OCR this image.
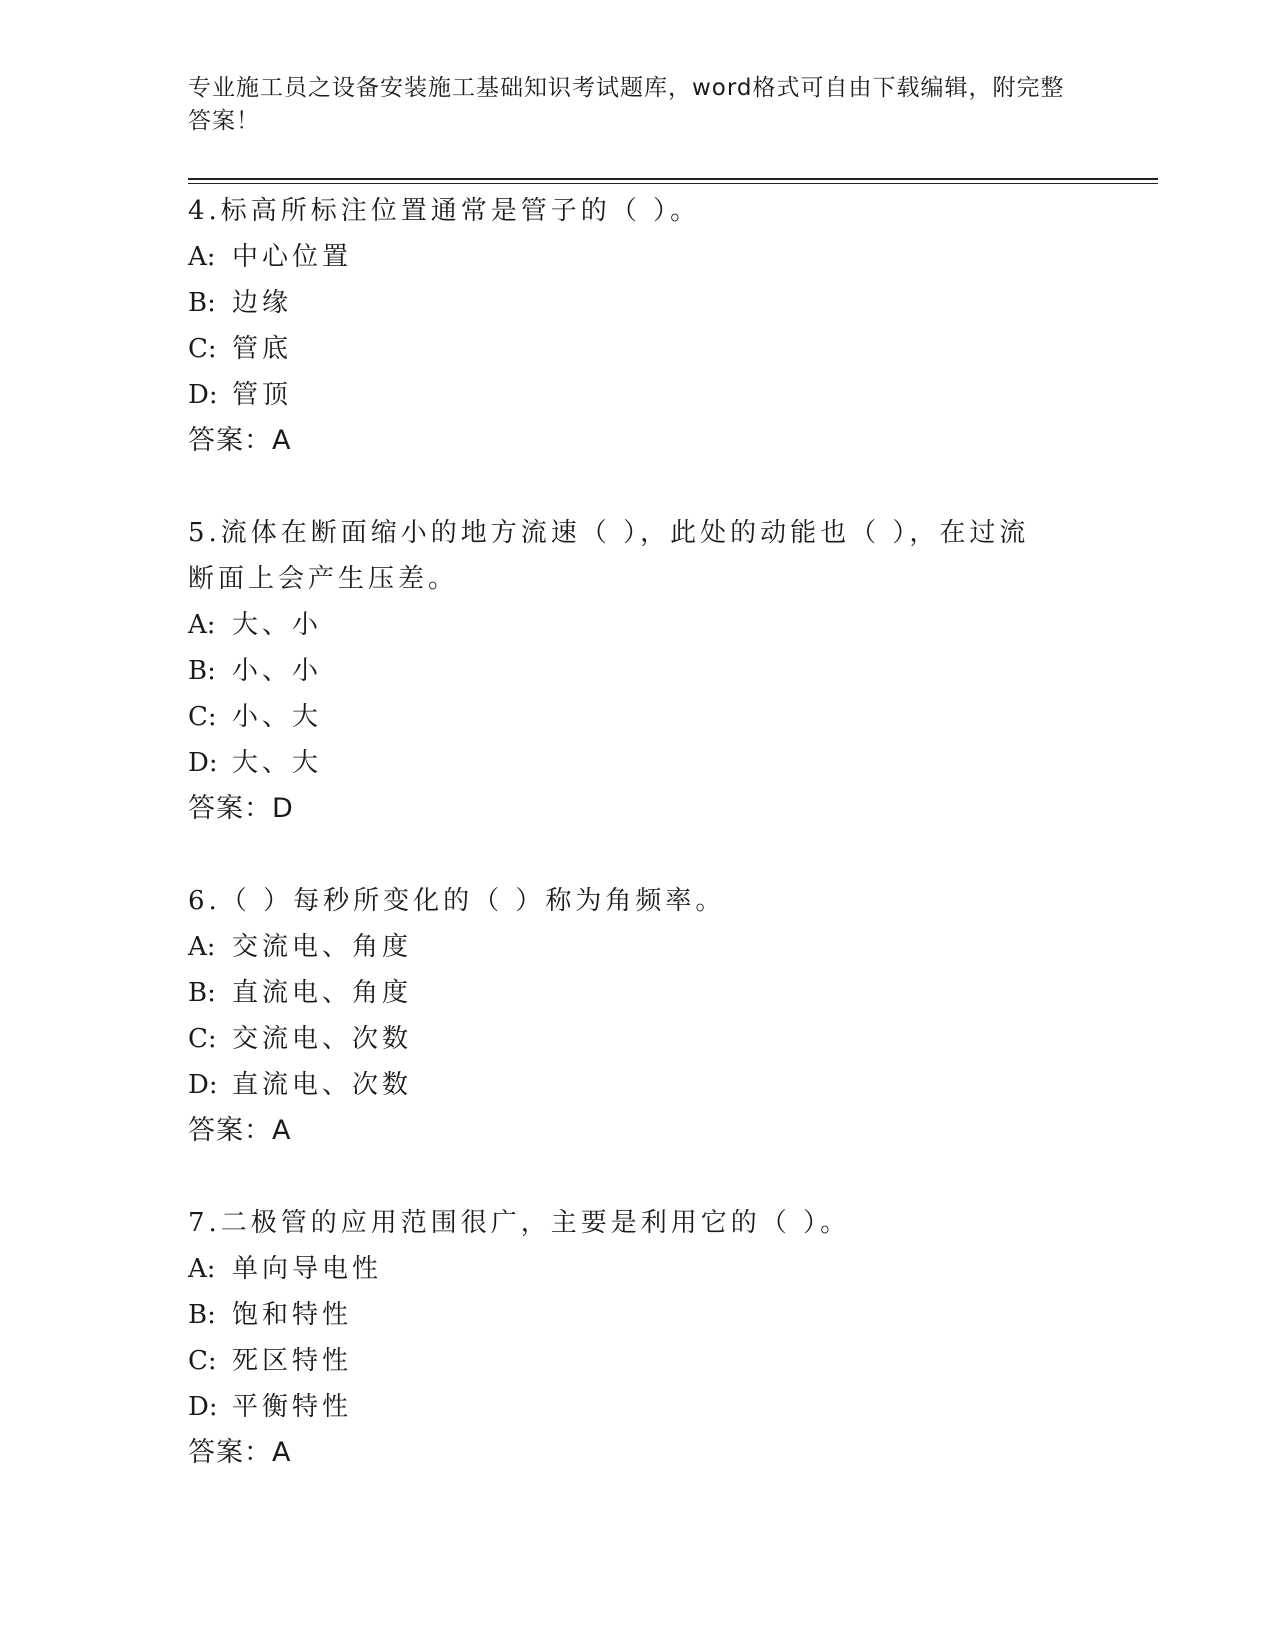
专业施工员之设备安装施工基础知识考试题库，word格式可自由下载编辑，附完整答案！
4.标高所标注位置通常是管子的（ ）。
A: 中心位置
B: 边缘
C: 管底
D: 管顶
答案：A
5.流体在断面缩小的地方流速（ ），此处的动能也（ ），在过流断面上会产生压差。
A: 大、小
B: 小、小
C: 小、大
D: 大、大
答案：D
6.（ ）每秒所变化的（ ）称为角频率。
A: 交流电、角度
B: 直流电、角度
C: 交流电、次数
D: 直流电、次数
答案：A
7.二极管的应用范围很广，主要是利用它的（ ）。
A: 单向导电性
B: 饱和特性
C: 死区特性
D: 平衡特性
答案：A
